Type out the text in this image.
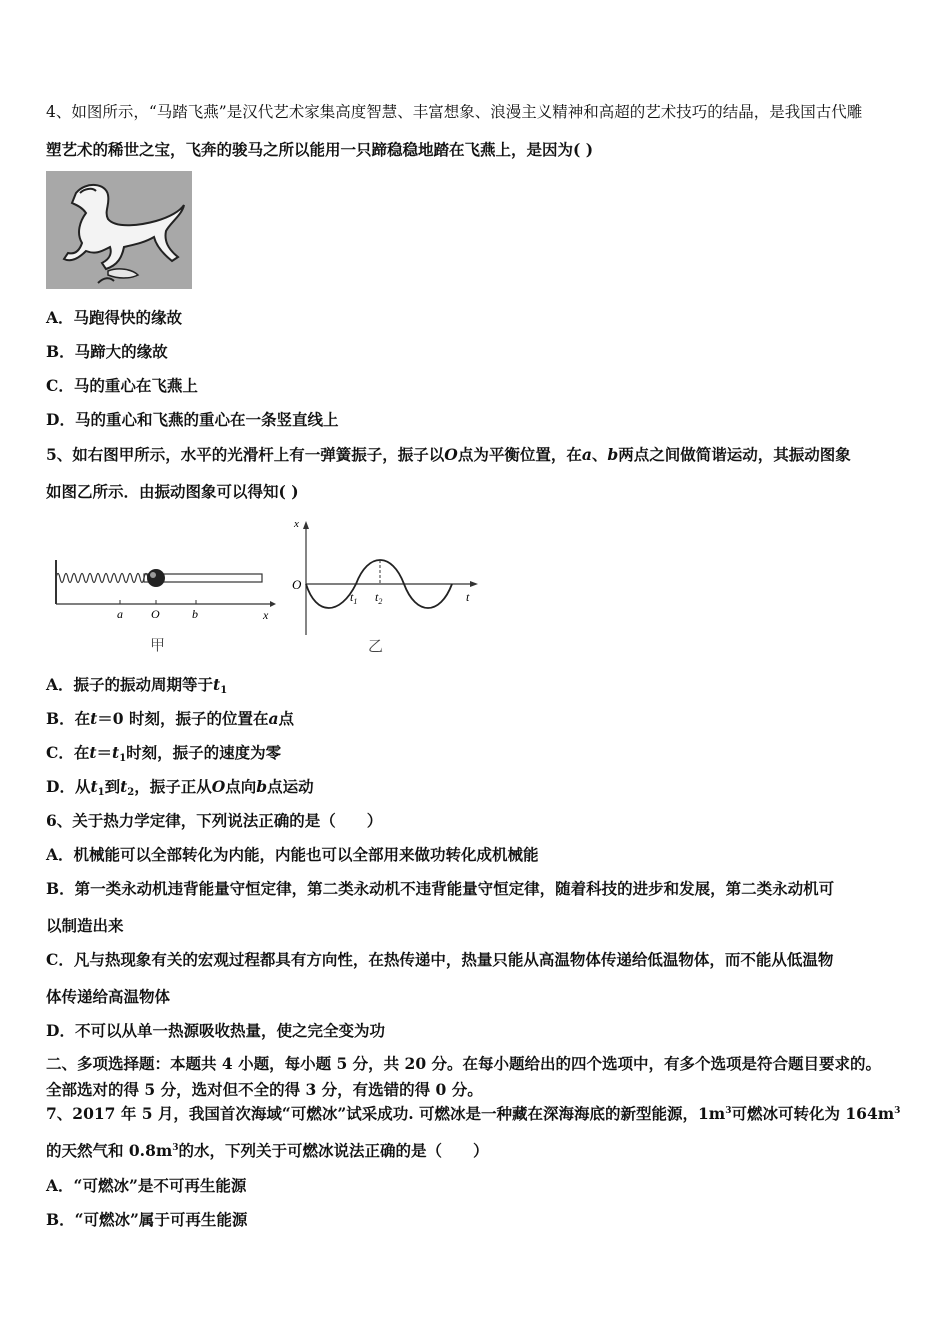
4、如图所示，“马踏飞燕”是汉代艺术家集高度智慧、丰富想象、浪漫主义精神和高超的艺术技巧的结晶，是我国古代雕
塑艺术的稀世之宝，飞奔的骏马之所以能用一只蹄稳稳地踏在飞燕上，是因为( )
A．马跑得快的缘故
B．马蹄大的缘故
C．马的重心在飞燕上
D．马的重心和飞燕的重心在一条竖直线上
5、如右图甲所示，水平的光滑杆上有一弹簧振子，振子以O点为平衡位置，在a、b两点之间做简谐运动，其振动图象
如图乙所示．由振动图象可以得知( )
a O	b	x
甲
x
O
$t_1$ $t_2$	t
乙
A．振子的振动周期等于$t_1$
B．在t＝0 时刻，振子的位置在a点
C．在$t=t_1$时刻，振子的速度为零
D．从$t_1$到$t_2$，振子正从O点向b点运动
6、关于热力学定律，下列说法正确的是（　　）
A．机械能可以全部转化为内能，内能也可以全部用来做功转化成机械能
B．第一类永动机违背能量守恒定律，第二类永动机不违背能量守恒定律，随着科技的进步和发展，第二类永动机可
以制造出来
C．凡与热现象有关的宏观过程都具有方向性，在热传递中，热量只能从高温物体传递给低温物体，而不能从低温物
体传递给高温物体
D．不可以从单一热源吸收热量，使之完全变为功
二、多项选择题：本题共 4 小题，每小题 5 分，共 20 分。在每小题给出的四个选项中，有多个选项是符合题目要求的。
全部选对的得 5 分，选对但不全的得 3 分，有选错的得 0 分。
7、2017 年 5 月，我国首次海域“可燃冰”试采成功. 可燃冰是一种藏在深海海底的新型能源，$1m^3$可燃冰可转化为 $164m^3$
的天然气和 $0.8m^3$的水，下列关于可燃冰说法正确的是（　　）
A．“可燃冰”是不可再生能源
B．“可燃冰”属于可再生能源
